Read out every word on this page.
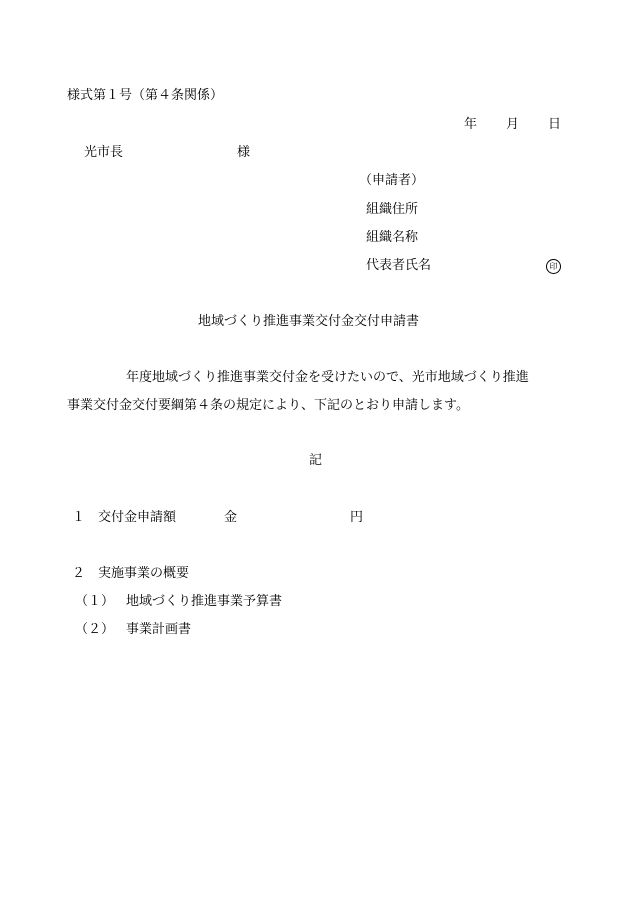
様式第１号（第４条関係）

年 月 日

光市長	様

（申請者）

組織住所

組織名称

代表者氏名	印

地域づくり推進事業交付金交付申請書

年度地域づくり推進事業交付金を受けたいので、光市地域づくり推進

事業交付金交付要綱第４条の規定により、下記のとおり申請します。

記

１ 交付金申請額	金	円

２ 実施事業の概要

（１） 地域づくり推進事業予算書

（２） 事業計画書
